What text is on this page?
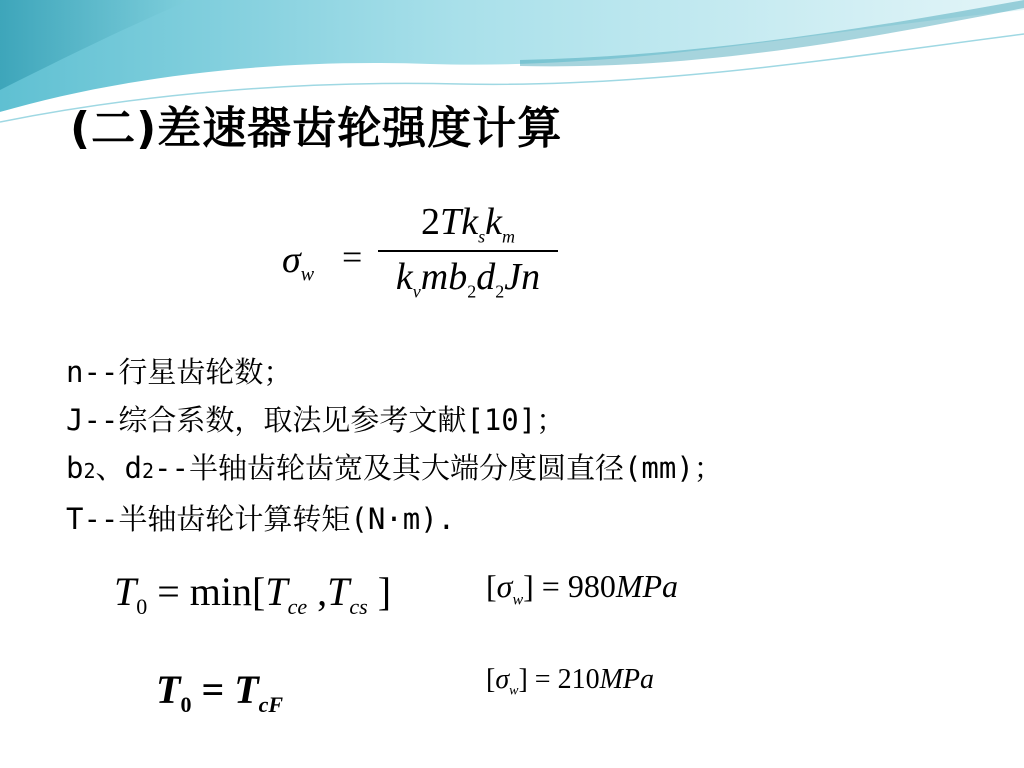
(二)差速器齿轮强度计算
$\sigma_w$ =
$2Tk_sk_m$
$k_vmb_2d_2Jn$
n--行星齿轮数；
J--综合系数，取法见参考文献[10]；
b2、d2--半轴齿轮齿宽及其大端分度圆直径(mm)；
T--半轴齿轮计算转矩(N·m).
$T_0 = \min[T_{ce}$ $,T_{cs}$ ]	$[\sigma_w] = 980MPa$
$T_0 = T_{cF}$
$[\sigma_w] = 210MPa$
